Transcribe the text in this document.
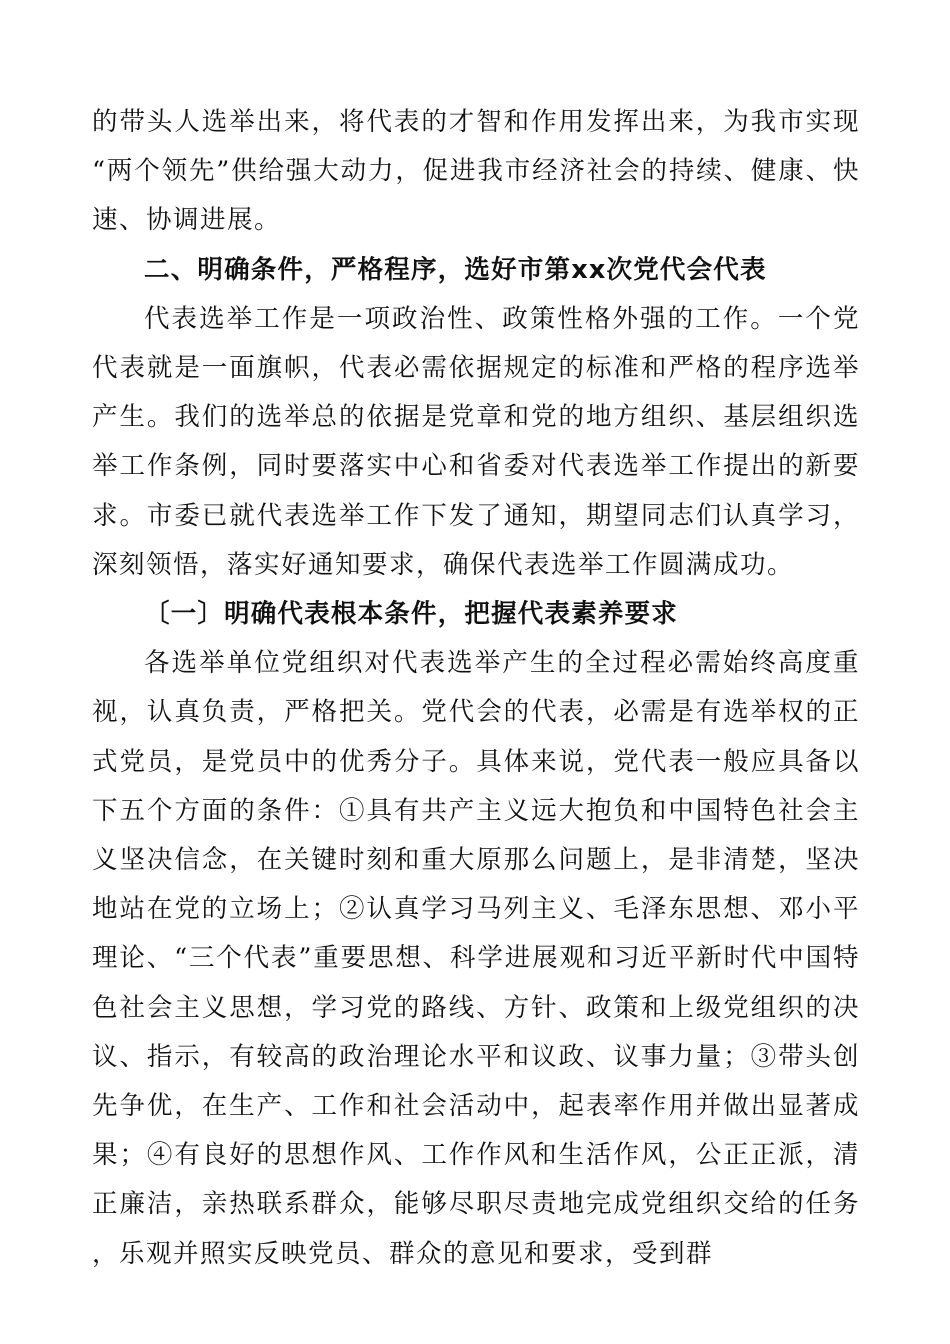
的带头人选举出来，将代表的才智和作用发挥出来，为我市实现“两个领先”供给强大动力，促进我市经济社会的持续、健康、快速、协调进展。

二、明确条件，严格程序，选好市第xx次党代会代表

代表选举工作是一项政治性、政策性格外强的工作。一个党代表就是一面旗帜，代表必需依据规定的标准和严格的程序选举产生。我们的选举总的依据是党章和党的地方组织、基层组织选举工作条例，同时要落实中心和省委对代表选举工作提出的新要求。市委已就代表选举工作下发了通知，期望同志们认真学习，深刻领悟，落实好通知要求，确保代表选举工作圆满成功。

〔一〕明确代表根本条件，把握代表素养要求

各选举单位党组织对代表选举产生的全过程必需始终高度重视，认真负责，严格把关。党代会的代表，必需是有选举权的正式党员，是党员中的优秀分子。具体来说，党代表一般应具备以下五个方面的条件：①具有共产主义远大抱负和中国特色社会主义坚决信念，在关键时刻和重大原那么问题上，是非清楚，坚决地站在党的立场上；②认真学习马列主义、毛泽东思想、邓小平理论、“三个代表”重要思想、科学进展观和习近平新时代中国特色社会主义思想，学习党的路线、方针、政策和上级党组织的决议、指示，有较高的政治理论水平和议政、议事力量；③带头创先争优，在生产、工作和社会活动中，起表率作用并做出显著成果；④有良好的思想作风、工作作风和生活作风，公正正派，清正廉洁，亲热联系群众，能够尽职尽责地完成党组织交给的任务，乐观并照实反映党员、群众的意见和要求，受到群
